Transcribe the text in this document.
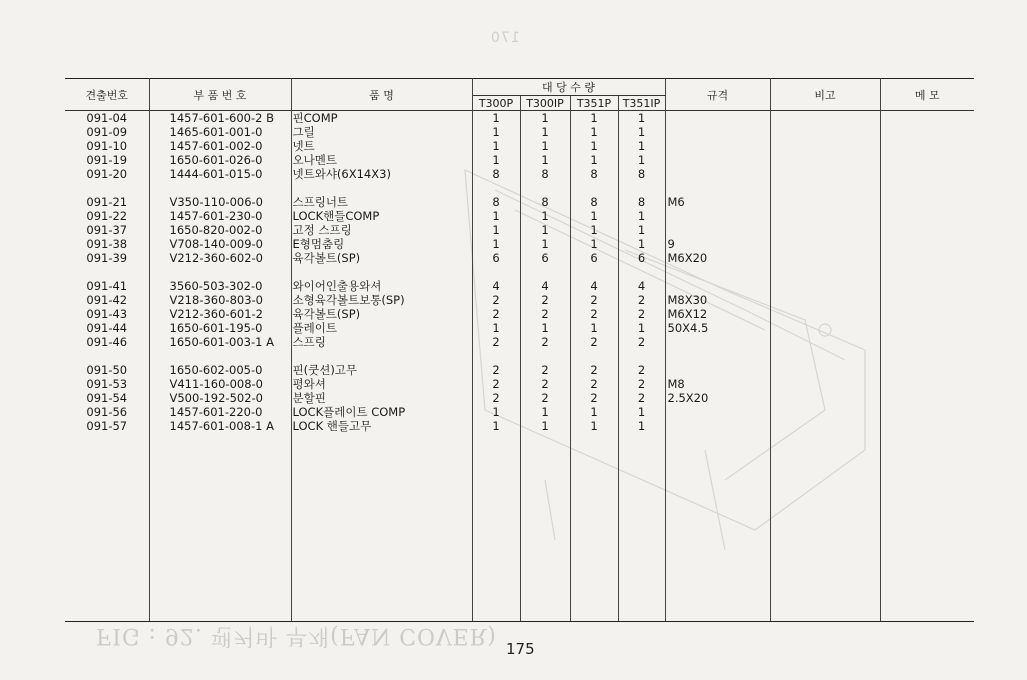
170
견출번호	부 품 번 호	품 명	대 당 수 량				규격	비고	메 모
			T300P	T300IP	T351P	T351IP			
091-04	1457-601-600-2 B	핀COMP	1	1	1	1			
091-09	1465-601-001-0	그릴	1	1	1	1			
091-10	1457-601-002-0	넷트	1	1	1	1			
091-19	1650-601-026-0	오나멘트	1	1	1	1			
091-20	1444-601-015-0	넷트와샤(6X14X3)	8	8	8	8			

091-21	V350-110-006-0	스프링너트	8	8	8	8	M6		
091-22	1457-601-230-0	LOCK핸들COMP	1	1	1	1			
091-37	1650-820-002-0	고정 스프링	1	1	1	1			
091-38	V708-140-009-0	E형멈춤링	1	1	1	1	9		
091-39	V212-360-602-0	육각볼트(SP)	6	6	6	6	M6X20		

091-41	3560-503-302-0	와이어인출용와셔	4	4	4	4			
091-42	V218-360-803-0	소형육각볼트보통(SP)	2	2	2	2	M8X30		
091-43	V212-360-601-2	육각볼트(SP)	2	2	2	2	M6X12		
091-44	1650-601-195-0	플레이트	1	1	1	1	50X4.5		
091-46	1650-601-003-1 A	스프링	2	2	2	2			

091-50	1650-602-005-0	핀(쿳션)고무	2	2	2	2			
091-53	V411-160-008-0	평와셔	2	2	2	2	M8		
091-54	V500-192-502-0	분할핀	2	2	2	2	2.5X20		
091-56	1457-601-220-0	LOCK플레이트 COMP	1	1	1	1			
091-57	1457-601-008-1 A	LOCK 핸들고무	1	1	1	1			

FIG : 92. 팬커바 부재(FAN COVER)
175
